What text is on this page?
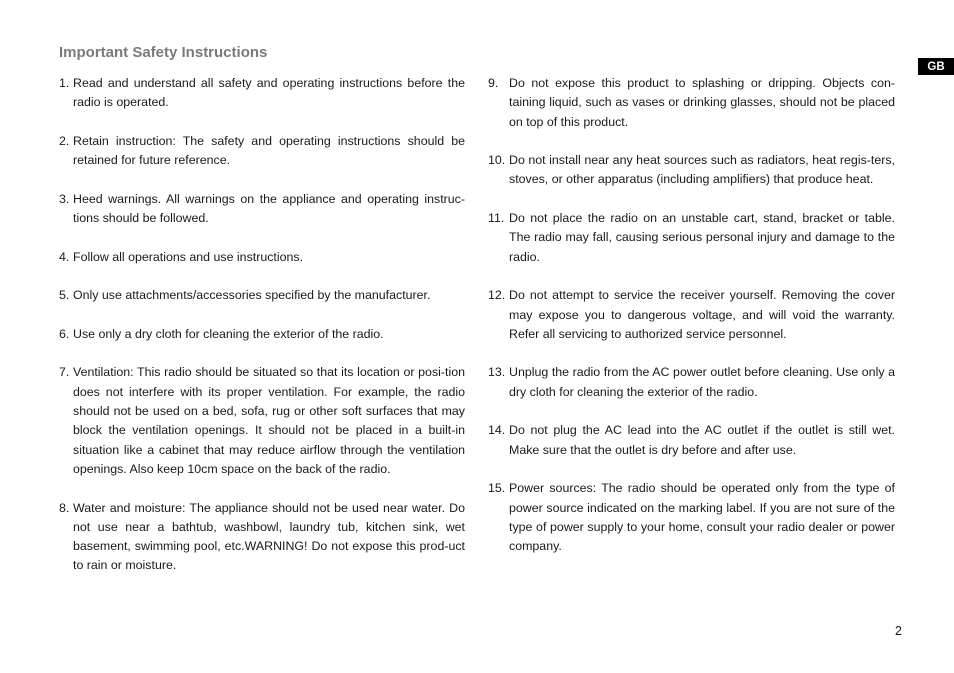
Important Safety Instructions
GB
1. Read and understand all safety and operating instructions before the radio is operated.
2. Retain instruction: The safety and operating instructions should be retained for future reference.
3. Heed warnings. All warnings on the appliance and operating instruc-tions should be followed.
4. Follow all operations and use instructions.
5. Only use attachments/accessories specified by the manufacturer.
6. Use only a dry cloth for cleaning the exterior of the radio.
7. Ventilation: This radio should be situated so that its location or posi-tion does not interfere with its proper ventilation. For example, the radio should not be used on a bed, sofa, rug or other soft surfaces that may block the ventilation openings. It should not be placed in a built-in situation like a cabinet that may reduce airflow through the ventilation openings. Also keep 10cm space on the back of the radio.
8. Water and moisture: The appliance should not be used near water. Do not use near a bathtub, washbowl, laundry tub, kitchen sink, wet basement, swimming pool, etc.WARNING! Do not expose this prod-uct to rain or moisture.
9. Do not expose this product to splashing or dripping. Objects con-taining liquid, such as vases or drinking glasses, should not be placed on top of this product.
10. Do not install near any heat sources such as radiators, heat regis-ters, stoves, or other apparatus (including amplifiers) that produce heat.
11. Do not place the radio on an unstable cart, stand, bracket or table. The radio may fall, causing serious personal injury and damage to the radio.
12. Do not attempt to service the receiver yourself. Removing the cover may expose you to dangerous voltage, and will void the warranty. Refer all servicing to authorized service personnel.
13. Unplug the radio from the AC power outlet before cleaning. Use only a dry cloth for cleaning the exterior of the radio.
14. Do not plug the AC lead into the AC outlet if the outlet is still wet. Make sure that the outlet is dry before and after use.
15. Power sources: The radio should be operated only from the type of power source indicated on the marking label. If you are not sure of the type of power supply to your home, consult your radio dealer or power company.
2
